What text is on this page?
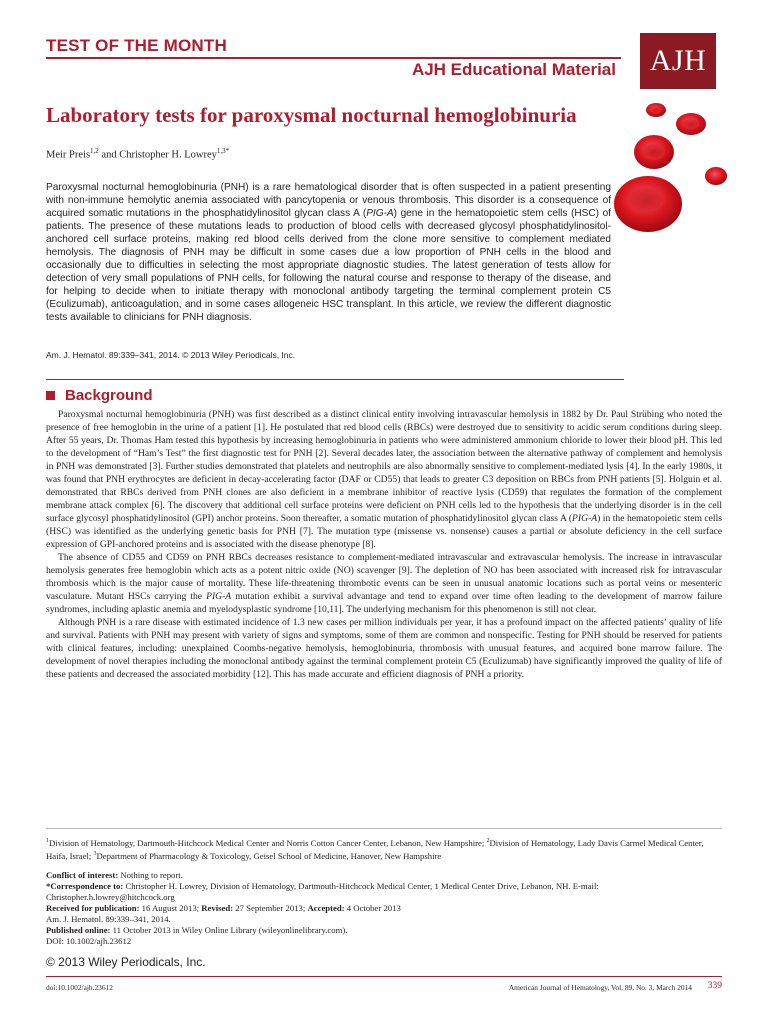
TEST OF THE MONTH
AJH Educational Material	AJH
Laboratory tests for paroxysmal nocturnal hemoglobinuria
Meir Preis$^{1,2}$ and Christopher H. Lowrey$^{1,3*}$
Paroxysmal nocturnal hemoglobinuria (PNH) is a rare hematological disorder that is often suspected in a patient presenting with non-immune hemolytic anemia associated with pancytopenia or venous thrombosis. This disorder is a consequence of acquired somatic mutations in the phosphatidylinositol glycan class A (PIG-A) gene in the hematopoietic stem cells (HSC) of patients. The presence of these mutations leads to production of blood cells with decreased glycosyl phosphatidylinositol-anchored cell surface proteins, making red blood cells derived from the clone more sensitive to complement mediated hemolysis. The diagnosis of PNH may be difficult in some cases due a low proportion of PNH cells in the blood and occasionally due to difficulties in selecting the most appropriate diagnostic studies. The latest generation of tests allow for detection of very small populations of PNH cells, for following the natural course and response to therapy of the disease, and for helping to decide when to initiate therapy with monoclonal antibody targeting the terminal complement protein C5 (Eculizumab), anticoagulation, and in some cases allogeneic HSC transplant. In this article, we review the different diagnostic tests available to clinicians for PNH diagnosis.
Am. J. Hematol. 89:339–341, 2014. © 2013 Wiley Periodicals, Inc.
Background

Paroxysmal nocturnal hemoglobinuria (PNH) was first described as a distinct clinical entity involving intravascular hemolysis in 1882 by Dr. Paul Strübing who noted the presence of free hemoglobin in the urine of a patient [1]. He postulated that red blood cells (RBCs) were destroyed due to sensitivity to acidic serum conditions during sleep. After 55 years, Dr. Thomas Ham tested this hypothesis by increasing hemoglobinuria in patients who were administered ammonium chloride to lower their blood pH. This led to the development of “Ham’s Test” the first diagnostic test for PNH [2]. Several decades later, the association between the alternative pathway of complement and hemolysis in PNH was demonstrated [3]. Further studies demonstrated that platelets and neutrophils are also abnormally sensitive to complement-mediated lysis [4]. In the early 1980s, it was found that PNH erythrocytes are deficient in decay-accelerating factor (DAF or CD55) that leads to greater C3 deposition on RBCs from PNH patients [5]. Holguin et al. demonstrated that RBCs derived from PNH clones are also deficient in a membrane inhibitor of reactive lysis (CD59) that regulates the formation of the complement membrane attack complex [6]. The discovery that additional cell surface proteins were deficient on PNH cells led to the hypothesis that the underlying disorder is in the cell surface glycosyl phosphatidylinositol (GPI) anchor proteins. Soon thereafter, a somatic mutation of phosphatidylinositol glycan class A (PIG-A) in the hematopoietic stem cells (HSC) was identified as the underlying genetic basis for PNH [7]. The mutation type (missense vs. nonsense) causes a partial or absolute deficiency in the cell surface expression of GPI-anchored proteins and is associated with the disease phenotype [8].

The absence of CD55 and CD59 on PNH RBCs decreases resistance to complement-mediated intravascular and extravascular hemolysis. The increase in intravascular hemolysis generates free hemoglobin which acts as a potent nitric oxide (NO) scavenger [9]. The depletion of NO has been associated with increased risk for intravascular thrombosis which is the major cause of mortality. These life-threatening thrombotic events can be seen in unusual anatomic locations such as portal veins or mesenteric vasculature. Mutant HSCs carrying the PIG-A mutation exhibit a survival advantage and tend to expand over time often leading to the development of marrow failure syndromes, including aplastic anemia and myelodysplastic syndrome [10,11]. The underlying mechanism for this phenomenon is still not clear.

Although PNH is a rare disease with estimated incidence of 1.3 new cases per million individuals per year, it has a profound impact on the affected patients’ quality of life and survival. Patients with PNH may present with variety of signs and symptoms, some of them are common and nonspecific. Testing for PNH should be reserved for patients with clinical features, including: unexplained Coombs-negative hemolysis, hemoglobinuria, thrombosis with unusual features, and acquired bone marrow failure. The development of novel therapies including the monoclonal antibody against the terminal complement protein C5 (Eculizumab) have significantly improved the quality of life of these patients and decreased the associated morbidity [12]. This has made accurate and efficient diagnosis of PNH a priority.

$^1$Division of Hematology, Dartmouth-Hitchcock Medical Center and Norris Cotton Cancer Center, Lebanon, New Hampshire; $^2$Division of Hematology, Lady Davis Carmel Medical Center, Haifa, Israel; $^3$Department of Pharmacology & Toxicology, Geisel School of Medicine, Hanover, New Hampshire
Conflict of interest: Nothing to report.
*Correspondence to: Christopher H. Lowrey, Division of Hematology, Dartmouth-Hitchcock Medical Center, 1 Medical Center Drive, Lebanon, NH. E-mail: Christopher.h.lowrey@hitchcock.org
Received for publication: 16 August 2013; Revised: 27 September 2013; Accepted: 4 October 2013
Am. J. Hematol. 89:339–341, 2014.
Published online: 11 October 2013 in Wiley Online Library (wileyonlinelibrary.com).
DOI: 10.1002/ajh.23612
© 2013 Wiley Periodicals, Inc.
doi:10.1002/ajh.23612	American Journal of Hematology, Vol. 89, No. 3, March 2014 339
